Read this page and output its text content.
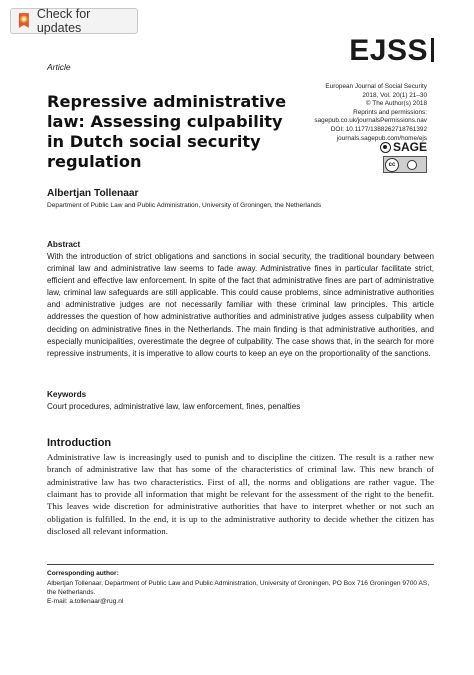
Check for updates
Article	EJSS
European Journal of Social Security
2018, Vol. 20(1) 21–30
© The Author(s) 2018
Reprints and permissions:
sagepub.co.uk/journalsPermissions.nav
DOI: 10.1177/1388262718761392
journals.sagepub.com/home/ejs
SAGE
cc
Repressive administrative law: Assessing culpability in Dutch social security regulation
Albertjan Tollenaar
Department of Public Law and Public Administration, University of Groningen, the Netherlands
Abstract

With the introduction of strict obligations and sanctions in social security, the traditional boundary between criminal law and administrative law seems to fade away. Administrative fines in particular facilitate strict, efficient and effective law enforcement. In spite of the fact that administrative fines are part of administrative law, criminal law safeguards are still applicable. This could cause problems, since administrative authorities and administrative judges are not necessarily familiar with these criminal law principles. This article addresses the question of how administrative authorities and administrative judges assess culpability when deciding on administrative fines in the Netherlands. The main finding is that administrative authorities, and especially municipalities, overestimate the degree of culpability. The case shows that, in the search for more repressive instruments, it is imperative to allow courts to keep an eye on the proportionality of the sanctions.

Keywords
Court procedures, administrative law, law enforcement, fines, penalties
Introduction

Administrative law is increasingly used to punish and to discipline the citizen. The result is a rather new branch of administrative law that has some of the characteristics of criminal law. This new branch of administrative law has two characteristics. First of all, the norms and obligations are rather vague. The claimant has to provide all information that might be relevant for the assessment of the right to the benefit. This leaves wide discretion for administrative authorities that have to interpret whether or not such an obligation is fulfilled. In the end, it is up to the administrative authority to decide whether the citizen has disclosed all relevant information.

Corresponding author:
Albertjan Tollenaar, Department of Public Law and Public Administration, University of Groningen, PO Box 716 Groningen 9700 AS, the Netherlands.
E-mail: a.tollenaar@rug.nl
